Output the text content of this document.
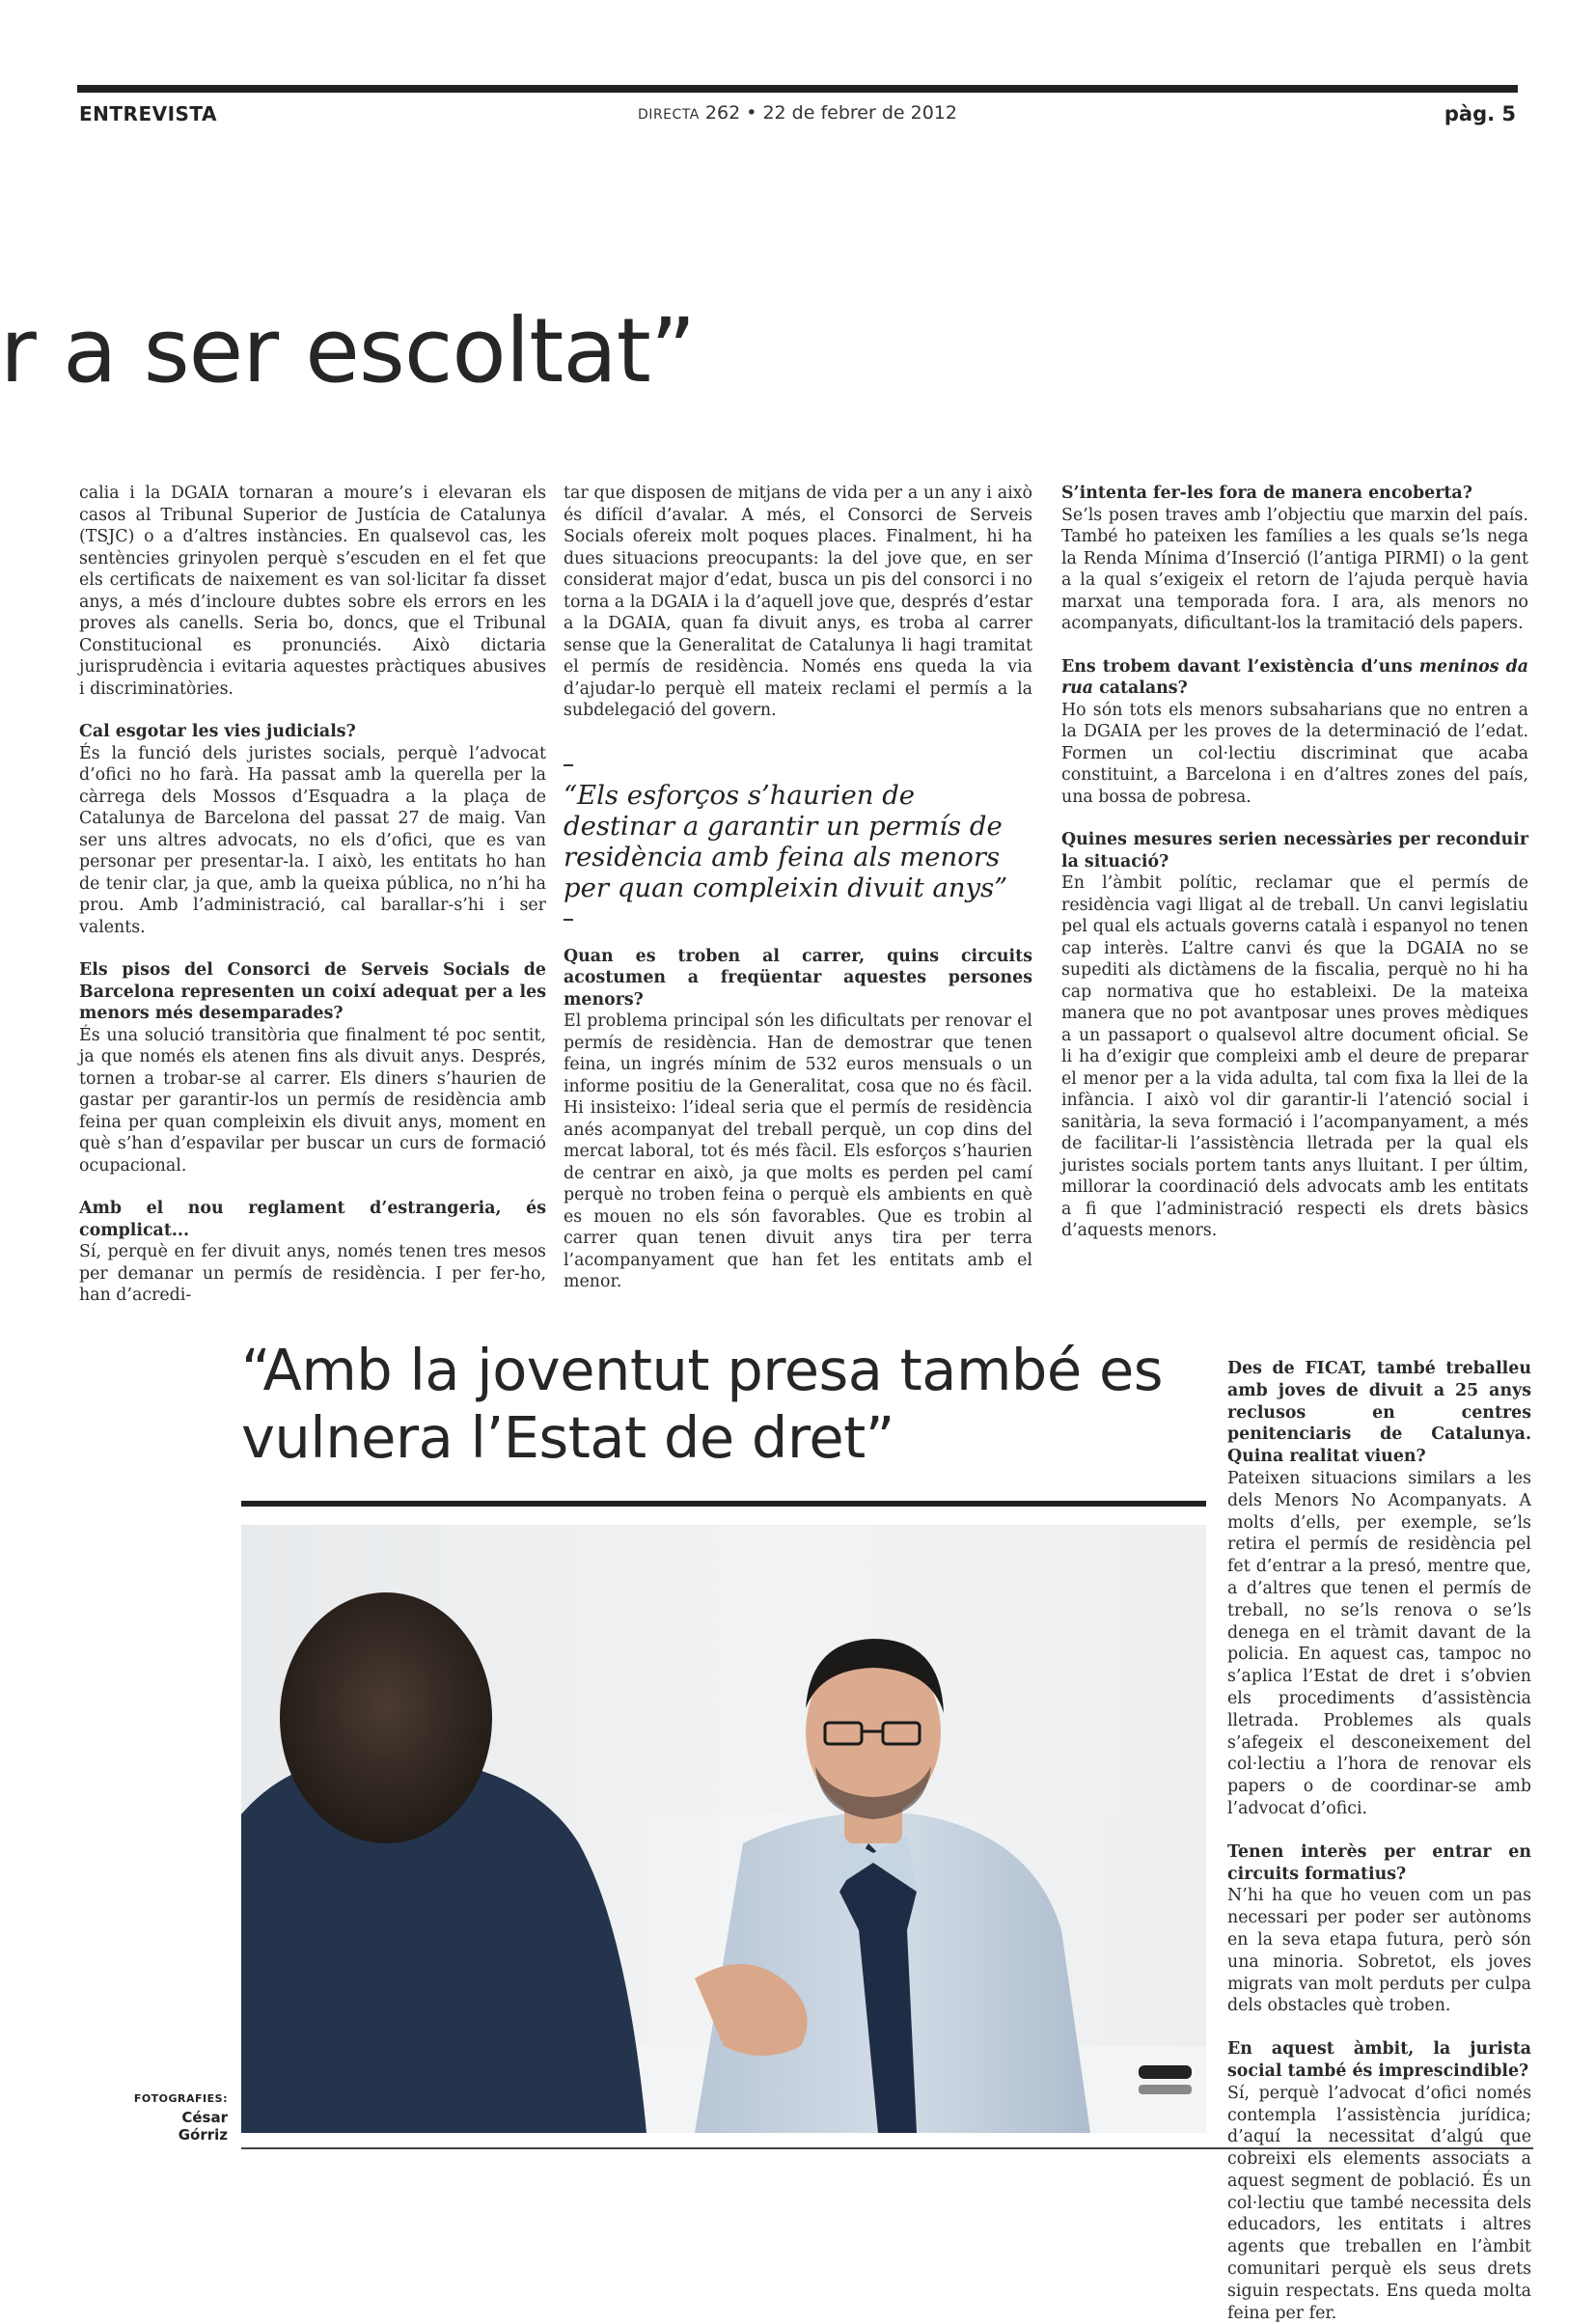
ENTREVISTA	DIRECTA 262 • 22 de febrer de 2012	pàg. 5
r a ser escoltat”

calia i la DGAIA tornaran a moure’s i elevaran els casos al Tribunal Superior de Justícia de Catalunya (TSJC) o a d’altres instàncies. En qualsevol cas, les sentències grinyolen perquè s’escuden en el fet que els certificats de naixement es van sol·licitar fa disset anys, a més d’incloure dubtes sobre els errors en les proves als canells. Seria bo, doncs, que el Tribunal Constitucional es pronunciés. Això dictaria jurisprudència i evitaria aquestes pràctiques abusives i discriminatòries.

Cal esgotar les vies judicials?

És la funció dels juristes socials, perquè l’advocat d’ofici no ho farà. Ha passat amb la querella per la càrrega dels Mossos d’Esquadra a la plaça de Catalunya de Barcelona del passat 27 de maig. Van ser uns altres advocats, no els d’ofici, que es van personar per presentar-la. I això, les entitats ho han de tenir clar, ja que, amb la queixa pública, no n’hi ha prou. Amb l’administració, cal barallar-s’hi i ser valents.

Els pisos del Consorci de Serveis Socials de Barcelona representen un coixí adequat per a les menors més desemparades?

És una solució transitòria que finalment té poc sentit, ja que només els atenen fins als divuit anys. Després, tornen a trobar-se al carrer. Els diners s’haurien de gastar per garantir-los un permís de residència amb feina per quan compleixin els divuit anys, moment en què s’han d’espavilar per buscar un curs de formació ocupacional.

Amb el nou reglament d’estrangeria, és complicat...

Sí, perquè en fer divuit anys, només tenen tres mesos per demanar un permís de residència. I per fer-ho, han d’acredi-

tar que disposen de mitjans de vida per a un any i això és difícil d’avalar. A més, el Consorci de Serveis Socials ofereix molt poques places. Finalment, hi ha dues situacions preocupants: la del jove que, en ser considerat major d’edat, busca un pis del consorci i no torna a la DGAIA i la d’aquell jove que, després d’estar a la DGAIA, quan fa divuit anys, es troba al carrer sense que la Generalitat de Catalunya li hagi tramitat el permís de residència. Només ens queda la via d’ajudar-lo perquè ell mateix reclami el permís a la subdelegació del govern.

“Els esforços s’haurien de destinar a garantir un permís de residència amb feina als menors per quan compleixin divuit anys”

Quan es troben al carrer, quins circuits acostumen a freqüentar aquestes persones menors?

El problema principal són les dificultats per renovar el permís de residència. Han de demostrar que tenen feina, un ingrés mínim de 532 euros mensuals o un informe positiu de la Generalitat, cosa que no és fàcil. Hi insisteixo: l’ideal seria que el permís de residència anés acompanyat del treball perquè, un cop dins del mercat laboral, tot és més fàcil. Els esforços s’haurien de centrar en això, ja que molts es perden pel camí perquè no troben feina o perquè els ambients en què es mouen no els són favorables. Que es trobin al carrer quan tenen divuit anys tira per terra l’acompanyament que han fet les entitats amb el menor.

S’intenta fer-les fora de manera encoberta?

Se’ls posen traves amb l’objectiu que marxin del país. També ho pateixen les famílies a les quals se’ls nega la Renda Mínima d’Inserció (l’antiga PIRMI) o la gent a la qual s’exigeix el retorn de l’ajuda perquè havia marxat una temporada fora. I ara, als menors no acompanyats, dificultant-los la tramitació dels papers.

Ens trobem davant l’existència d’uns meninos da rua catalans?

Ho són tots els menors subsaharians que no entren a la DGAIA per les proves de la determinació de l’edat. Formen un col·lectiu discriminat que acaba constituint, a Barcelona i en d’altres zones del país, una bossa de pobresa.

Quines mesures serien necessàries per reconduir la situació?

En l’àmbit polític, reclamar que el permís de residència vagi lligat al de treball. Un canvi legislatiu pel qual els actuals governs català i espanyol no tenen cap interès. L’altre canvi és que la DGAIA no se supediti als dictàmens de la fiscalia, perquè no hi ha cap normativa que ho estableixi. De la mateixa manera que no pot avantposar unes proves mèdiques a un passaport o qualsevol altre document oficial. Se li ha d’exigir que compleixi amb el deure de preparar el menor per a la vida adulta, tal com fixa la llei de la infància. I això vol dir garantir-li l’atenció social i sanitària, la seva formació i l’acompanyament, a més de facilitar-li l’assistència lletrada per la qual els juristes socials portem tants anys lluitant. I per últim, millorar la coordinació dels advocats amb les entitats a fi que l’administració respecti els drets bàsics d’aquests menors.

“Amb la joventut presa també es vulnera l’Estat de dret”
FOTOGRAFIES:
César Górriz

Des de FICAT, també treballeu amb joves de divuit a 25 anys reclusos en centres penitenciaris de Catalunya. Quina realitat viuen?

Pateixen situacions similars a les dels Menors No Acompanyats. A molts d’ells, per exemple, se’ls retira el permís de residència pel fet d’entrar a la presó, mentre que, a d’altres que tenen el permís de treball, no se’ls renova o se’ls denega en el tràmit davant de la policia. En aquest cas, tampoc no s’aplica l’Estat de dret i s’obvien els procediments d’assistència lletrada. Problemes als quals s’afegeix el desconeixement del col·lectiu a l’hora de renovar els papers o de coordinar-se amb l’advocat d’ofici.

Tenen interès per entrar en circuits formatius?

N’hi ha que ho veuen com un pas necessari per poder ser autònoms en la seva etapa futura, però són una minoria. Sobretot, els joves migrats van molt perduts per culpa dels obstacles què troben.

En aquest àmbit, la jurista social també és imprescindible?

Sí, perquè l’advocat d’ofici només contempla l’assistència jurídica; d’aquí la necessitat d’algú que cobreixi els elements associats a aquest segment de població. És un col·lectiu que també necessita dels educadors, les entitats i altres agents que treballen en l’àmbit comunitari perquè els seus drets siguin respectats. Ens queda molta feina per fer.
